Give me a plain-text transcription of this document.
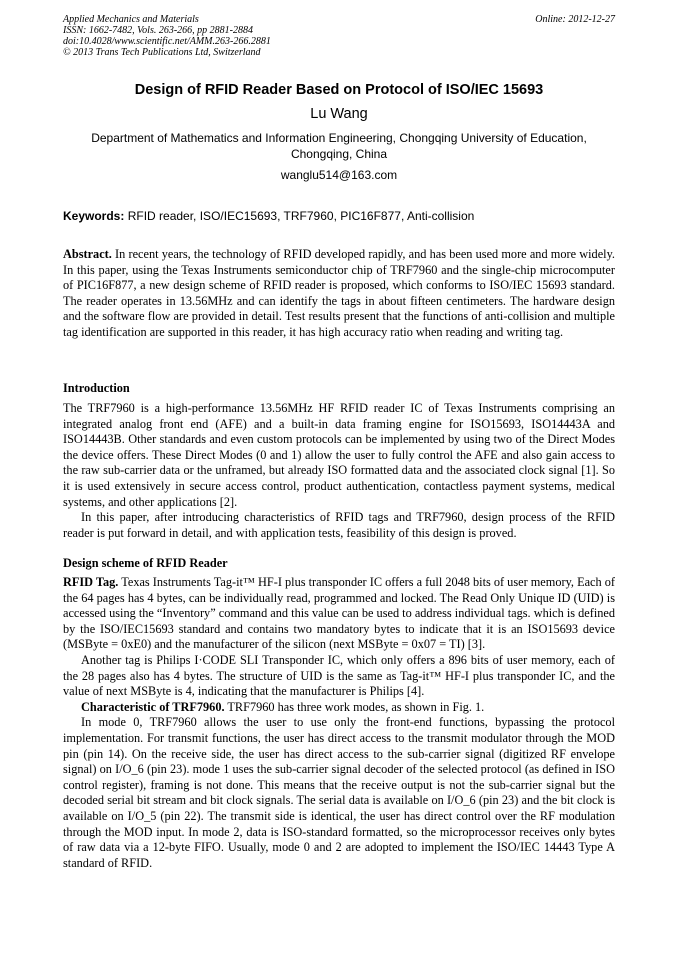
Applied Mechanics and Materials
ISSN: 1662-7482, Vols. 263-266, pp 2881-2884
doi:10.4028/www.scientific.net/AMM.263-266.2881
© 2013 Trans Tech Publications Ltd, Switzerland
Online: 2012-12-27
Design of RFID Reader Based on Protocol of ISO/IEC 15693
Lu Wang
Department of Mathematics and Information Engineering, Chongqing University of Education,
Chongqing, China
wanglu514@163.com
Keywords: RFID reader, ISO/IEC15693, TRF7960, PIC16F877, Anti-collision

Abstract. In recent years, the technology of RFID developed rapidly, and has been used more and more widely. In this paper, using the Texas Instruments semiconductor chip of TRF7960 and the single-chip microcomputer of PIC16F877, a new design scheme of RFID reader is proposed, which conforms to ISO/IEC 15693 standard. The reader operates in 13.56MHz and can identify the tags in about fifteen centimeters. The hardware design and the software flow are provided in detail. Test results present that the functions of anti-collision and multiple tag identification are supported in this reader, it has high accuracy ratio when reading and writing tag.

Introduction

The TRF7960 is a high-performance 13.56MHz HF RFID reader IC of Texas Instruments comprising an integrated analog front end (AFE) and a built-in data framing engine for ISO15693, ISO14443A and ISO14443B. Other standards and even custom protocols can be implemented by using two of the Direct Modes the device offers. These Direct Modes (0 and 1) allow the user to fully control the AFE and also gain access to the raw sub-carrier data or the unframed, but already ISO formatted data and the associated clock signal [1]. So it is used extensively in secure access control, product authentication, contactless payment systems, medical systems, and other applications [2].

In this paper, after introducing characteristics of RFID tags and TRF7960, design process of the RFID reader is put forward in detail, and with application tests, feasibility of this design is proved.

Design scheme of RFID Reader

RFID Tag. Texas Instruments Tag-it™ HF-I plus transponder IC offers a full 2048 bits of user memory, Each of the 64 pages has 4 bytes, can be individually read, programmed and locked. The Read Only Unique ID (UID) is accessed using the “Inventory” command and this value can be used to address individual tags. which is defined by the ISO/IEC15693 standard and contains two mandatory bytes to indicate that it is an ISO15693 device (MSByte = 0xE0) and the manufacturer of the silicon (next MSByte = 0x07 = TI) [3].

Another tag is Philips I·CODE SLI Transponder IC, which only offers a 896 bits of user memory, each of the 28 pages also has 4 bytes. The structure of UID is the same as Tag-it™ HF-I plus transponder IC, and the value of next MSByte is 4, indicating that the manufacturer is Philips [4].

Characteristic of TRF7960. TRF7960 has three work modes, as shown in Fig. 1.

In mode 0, TRF7960 allows the user to use only the front-end functions, bypassing the protocol implementation. For transmit functions, the user has direct access to the transmit modulator through the MOD pin (pin 14). On the receive side, the user has direct access to the sub-carrier signal (digitized RF envelope signal) on I/O_6 (pin 23). mode 1 uses the sub-carrier signal decoder of the selected protocol (as defined in ISO control register), framing is not done. This means that the receive output is not the sub-carrier signal but the decoded serial bit stream and bit clock signals. The serial data is available on I/O_6 (pin 23) and the bit clock is available on I/O_5 (pin 22). The transmit side is identical, the user has direct control over the RF modulation through the MOD input. In mode 2, data is ISO-standard formatted, so the microprocessor receives only bytes of raw data via a 12-byte FIFO. Usually, mode 0 and 2 are adopted to implement the ISO/IEC 14443 Type A standard of RFID.
